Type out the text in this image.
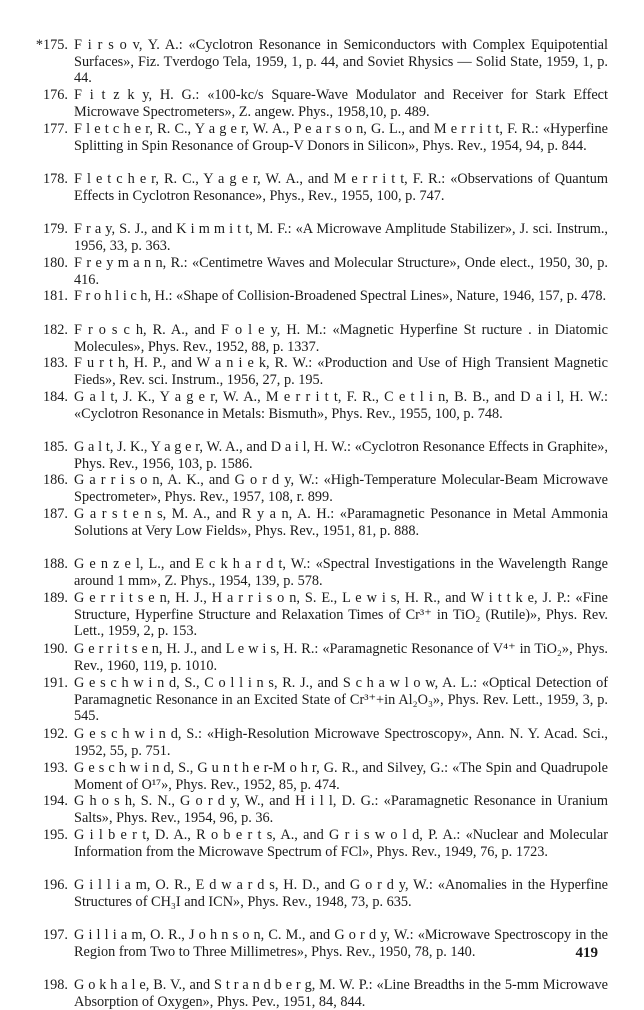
*175. F i r s o v, Y. A.: «Cyclotron Resonance in Semiconductors with Complex Equipotential Surfaces», Fiz. Tverdogo Tela, 1959, 1, p. 44, and Soviet Rhysics — Solid State, 1959, 1, p. 44.
176. F i t z k y, H. G.: «100-kc/s Square-Wave Modulator and Receiver for Stark Effect Microwave Spectrometers», Z. angew. Phys., 1958,10, p. 489.
177. F l e t c h e r, R. C., Y a g e r, W. A., P e a r s o n, G. L., and M e r r i t t, F. R.: «Hyperfine Splitting in Spin Resonance of Group-V Donors in Silicon», Phys. Rev., 1954, 94, p. 844.
178. F l e t c h e r, R. C., Y a g e r, W. A., and M e r r i t t, F. R.: «Observations of Quantum Effects in Cyclotron Resonance», Phys., Rev., 1955, 100, p. 747.
179. F r a y, S. J., and K i m m i t t, M. F.: «A Microwave Amplitude Stabilizer», J. sci. Instrum., 1956, 33, p. 363.
180. F r e y m a n n, R.: «Centimetre Waves and Molecular Structure», Onde elect., 1950, 30, p. 416.
181. F r o h l i c h, H.: «Shape of Collision-Broadened Spectral Lines», Nature, 1946, 157, p. 478.
182. F r o s c h, R. A., and F o l e y, H. M.: «Magnetic Hyperfine St ructure . in Diatomic Molecules», Phys. Rev., 1952, 88, p. 1337.
183. F u r t h, H. P., and W a n i e k, R. W.: «Production and Use of High Transient Magnetic Fieds», Rev. sci. Instrum., 1956, 27, p. 195.
184. G a l t, J. K., Y a g e r, W. A., M e r r i t t, F. R., C e t l i n, B. B., and D a i l, H. W.: «Cyclotron Resonance in Metals: Bismuth», Phys. Rev., 1955, 100, p. 748.
185. G a l t, J. K., Y a g e r, W. A., and D a i l, H. W.: «Cyclotron Resonance Effects in Graphite», Phys. Rev., 1956, 103, p. 1586.
186. G a r r i s o n, A. K., and G o r d y, W.: «High-Temperature Molecular-Beam Microwave Spectrometer», Phys. Rev., 1957, 108, r. 899.
187. G a r s t e n s, M. A., and R y a n, A. H.: «Paramagnetic Pesonance in Metal Ammonia Solutions at Very Low Fields», Phys. Rev., 1951, 81, p. 888.
188. G e n z e l, L., and E c k h a r d t, W.: «Spectral Investigations in the Wavelength Range around 1 mm», Z. Phys., 1954, 139, p. 578.
189. G e r r i t s e n, H. J., H a r r i s o n, S. E., L e w i s, H. R., and W i t t k e, J. P.: «Fine Structure, Hyperfine Structure and Relaxation Times of Cr³⁺ in TiO₂ (Rutile)», Phys. Rev. Lett., 1959, 2, p. 153.
190. G e r r i t s e n, H. J., and L e w i s, H. R.: «Paramagnetic Resonance of V⁴⁺ in TiO₂», Phys. Rev., 1960, 119, p. 1010.
191. G e s c h w i n d, S., C o l l i n s, R. J., and S c h a w l o w, A. L.: «Optical Detection of Paramagnetic Resonance in an Excited State of Cr³⁺+in Al₂O₃», Phys. Rev. Lett., 1959, 3, p. 545.
192. G e s c h w i n d, S.: «High-Resolution Microwave Spectroscopy», Ann. N. Y. Acad. Sci., 1952, 55, p. 751.
193. G e s c h w i n d, S., G u n t h e r-M o h r, G. R., and Silvey, G.: «The Spin and Quadrupole Moment of O¹⁷», Phys. Rev., 1952, 85, p. 474.
194. G h o s h, S. N., G o r d y, W., and H i l l, D. G.: «Paramagnetic Resonance in Uranium Salts», Phys. Rev., 1954, 96, p. 36.
195. G i l b e r t, D. A., R o b e r t s, A., and G r i s w o l d, P. A.: «Nuclear and Molecular Information from the Microwave Spectrum of FCl», Phys. Rev., 1949, 76, p. 1723.
196. G i l l i a m, O. R., E d w a r d s, H. D., and G o r d y, W.: «Anomalies in the Hyperfine Structures of CH₃I and ICN», Phys. Rev., 1948, 73, p. 635.
197. G i l l i a m, O. R., J o h n s o n, C. M., and G o r d y, W.: «Microwave Spectroscopy in the Region from Two to Three Millimetres», Phys. Rev., 1950, 78, p. 140.
198. G o k h a l e, B. V., and S t r a n d b e r g, M. W. P.: «Line Breadths in the 5-mm Microwave Absorption of Oxygen», Phys. Pev., 1951, 84, 844.
419
